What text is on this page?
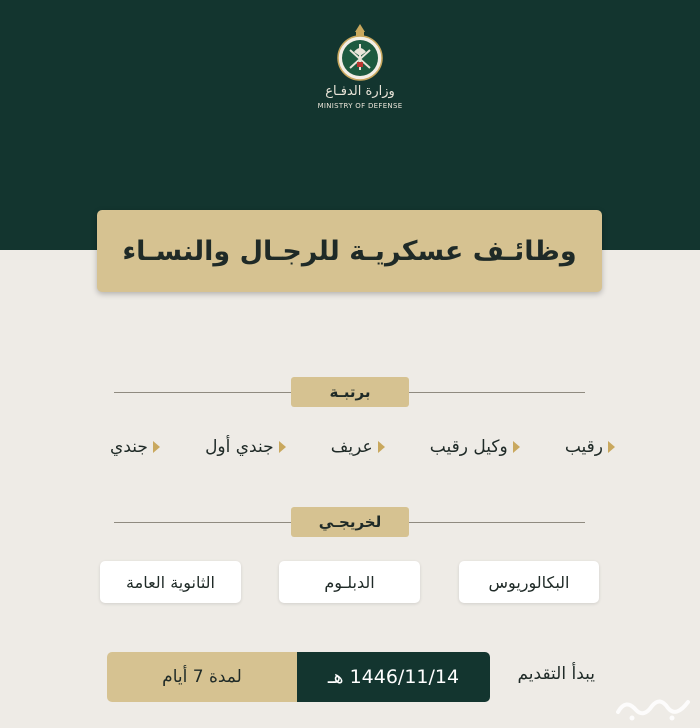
وزارة الدفـاع
MINISTRY OF DEFENSE
وظائـف عسكريـة للرجـال والنسـاء
برتبـة
رقيب
وكيل رقيب
عريف
جندي أول
جندي
لخريجـي
البكالوريوس
الدبلـوم
الثانوية العامة
يبدأ التقديم
لمدة 7 أيام	1446/11/14 هـ
